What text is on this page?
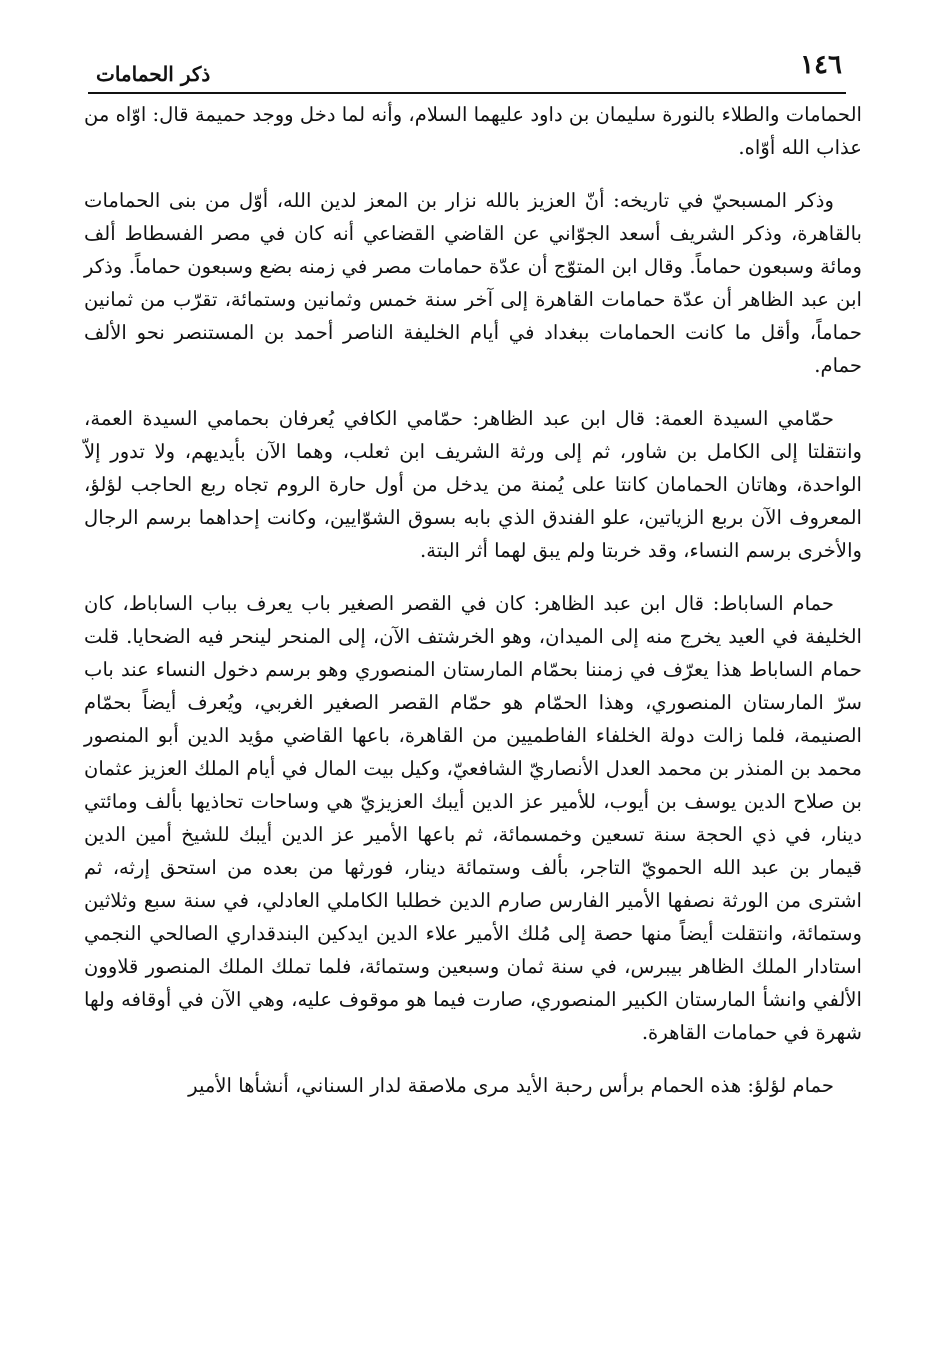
١٤٦
ذكر الحمامات

الحمامات والطلاء بالنورة سليمان بن داود عليهما السلام، وأنه لما دخل ووجد حميمة قال: اوّاه من عذاب الله أوّاه.

وذكر المسبحيّ في تاريخه: أنّ العزيز بالله نزار بن المعز لدين الله، أوّل من بنى الحمامات بالقاهرة، وذكر الشريف أسعد الجوّاني عن القاضي القضاعي أنه كان في مصر الفسطاط ألف ومائة وسبعون حماماً. وقال ابن المتوّج أن عدّة حمامات مصر في زمنه بضع وسبعون حماماً. وذكر ابن عبد الظاهر أن عدّة حمامات القاهرة إلى آخر سنة خمس وثمانين وستمائة، تقرّب من ثمانين حماماً، وأقل ما كانت الحمامات ببغداد في أيام الخليفة الناصر أحمد بن المستنصر نحو الألف حمام.

حمّامي السيدة العمة: قال ابن عبد الظاهر: حمّامي الكافي يُعرفان بحمامي السيدة العمة، وانتقلتا إلى الكامل بن شاور، ثم إلى ورثة الشريف ابن ثعلب، وهما الآن بأيديهم، ولا تدور إلاّ الواحدة، وهاتان الحمامان كانتا على يُمنة من يدخل من أول حارة الروم تجاه ربع الحاجب لؤلؤ، المعروف الآن بربع الزياتين، علو الفندق الذي بابه بسوق الشوّايين، وكانت إحداهما برسم الرجال والأخرى برسم النساء، وقد خربتا ولم يبق لهما أثر البتة.

حمام الساباط: قال ابن عبد الظاهر: كان في القصر الصغير باب يعرف بباب الساباط، كان الخليفة في العيد يخرج منه إلى الميدان، وهو الخرشتف الآن، إلى المنحر لينحر فيه الضحايا. قلت حمام الساباط هذا يعرّف في زمننا بحمّام المارستان المنصوري وهو برسم دخول النساء عند باب سرّ المارستان المنصوري، وهذا الحمّام هو حمّام القصر الصغير الغربي، ويُعرف أيضاً بحمّام الصنيمة، فلما زالت دولة الخلفاء الفاطميين من القاهرة، باعها القاضي مؤيد الدين أبو المنصور محمد بن المنذر بن محمد العدل الأنصاريّ الشافعيّ، وكيل بيت المال في أيام الملك العزيز عثمان بن صلاح الدين يوسف بن أيوب، للأمير عز الدين أيبك العزيزيّ هي وساحات تحاذيها بألف ومائتي دينار، في ذي الحجة سنة تسعين وخمسمائة، ثم باعها الأمير عز الدين أيبك للشيخ أمين الدين قيمار بن عبد الله الحمويّ التاجر، بألف وستمائة دينار، فورثها من بعده من استحق إرثه، ثم اشترى من الورثة نصفها الأمير الفارس صارم الدين خطلبا الكاملي العادلي، في سنة سبع وثلاثين وستمائة، وانتقلت أيضاً منها حصة إلى مُلك الأمير علاء الدين ايدكين البندقداري الصالحي النجمي استادار الملك الظاهر بيبرس، في سنة ثمان وسبعين وستمائة، فلما تملك الملك المنصور قلاوون الألفي وانشأ المارستان الكبير المنصوري، صارت فيما هو موقوف عليه، وهي الآن في أوقافه ولها شهرة في حمامات القاهرة.

حمام لؤلؤ: هذه الحمام برأس رحبة الأيد مرى ملاصقة لدار السناني، أنشأها الأمير
